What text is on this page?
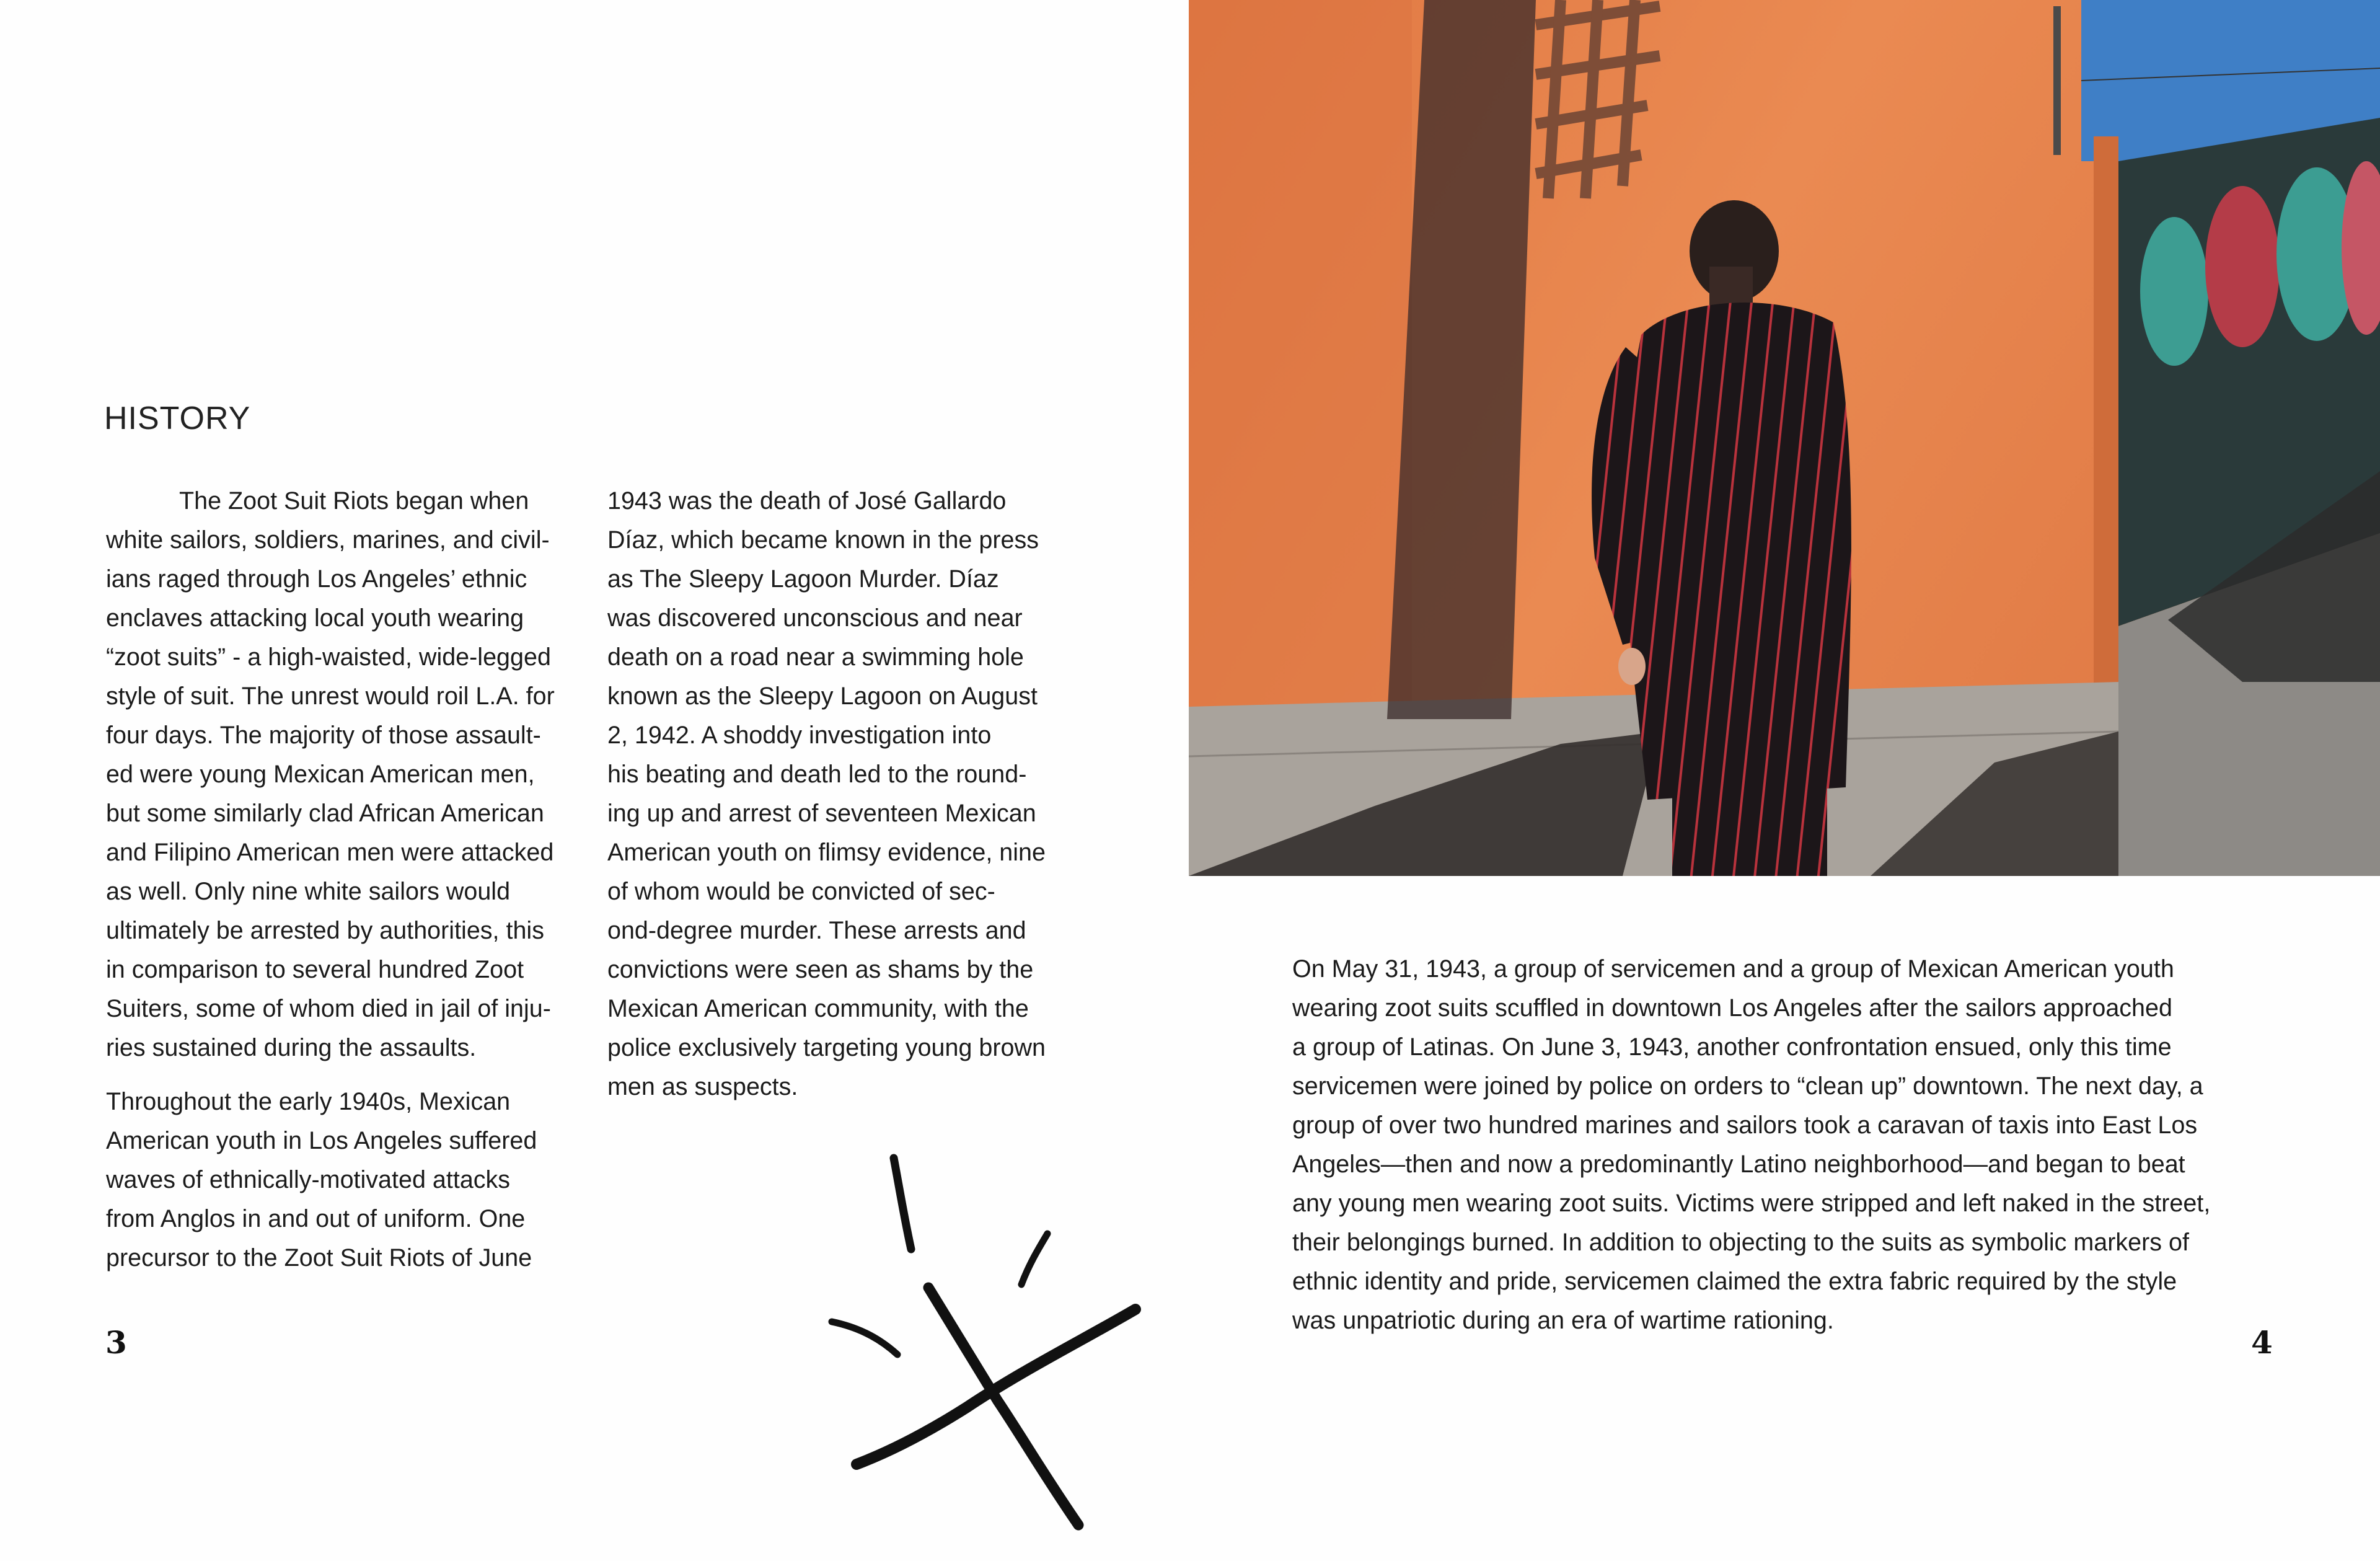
HISTORY

The Zoot Suit Riots began when
white sailors, soldiers, marines, and civil-
ians raged through Los Angeles’ ethnic
enclaves attacking local youth wearing
“zoot suits” - a high-waisted, wide-legged
style of suit. The unrest would roil L.A. for
four days. The majority of those assault-
ed were young Mexican American men,
but some similarly clad African American
and Filipino American men were attacked
as well. Only nine white sailors would
ultimately be arrested by authorities, this
in comparison to several hundred Zoot
Suiters, some of whom died in jail of inju-
ries sustained during the assaults.

Throughout the early 1940s, Mexican
American youth in Los Angeles suffered
waves of ethnically-motivated attacks
from Anglos in and out of uniform. One
precursor to the Zoot Suit Riots of June

1943 was the death of José Gallardo
Díaz, which became known in the press
as The Sleepy Lagoon Murder. Díaz
was discovered unconscious and near
death on a road near a swimming hole
known as the Sleepy Lagoon on August
2, 1942. A shoddy investigation into
his beating and death led to the round-
ing up and arrest of seventeen Mexican
American youth on flimsy evidence, nine
of whom would be convicted of sec-
ond-degree murder. These arrests and
convictions were seen as shams by the
Mexican American community, with the
police exclusively targeting young brown
men as suspects.

3
On May 31, 1943, a group of servicemen and a group of Mexican American youth
wearing zoot suits scuffled in downtown Los Angeles after the sailors approached
a group of Latinas. On June 3, 1943, another confrontation ensued, only this time
servicemen were joined by police on orders to “clean up” downtown. The next day, a
group of over two hundred marines and sailors took a caravan of taxis into East Los
Angeles—then and now a predominantly Latino neighborhood—and began to beat
any young men wearing zoot suits. Victims were stripped and left naked in the street,
their belongings burned. In addition to objecting to the suits as symbolic markers of
ethnic identity and pride, servicemen claimed the extra fabric required by the style
was unpatriotic during an era of wartime rationing.
4
